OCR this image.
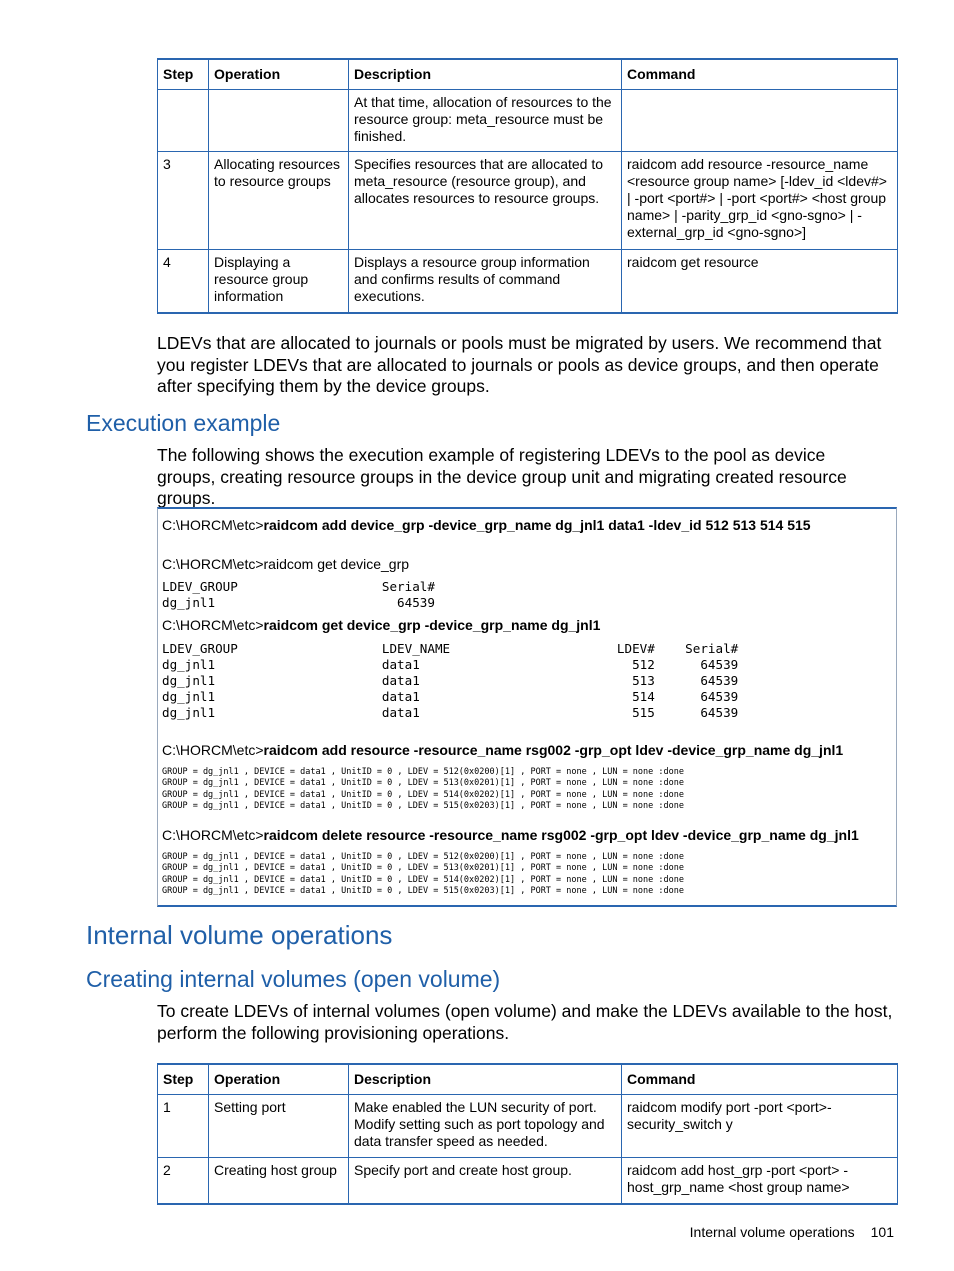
Step	Operation	Description	Command
		At that time, allocation of resources to the resource group: meta_resource must be finished.	
3	Allocating resources to resource groups	Specifies resources that are allocated to meta_resource (resource group), and allocates resources to resource groups.	raidcom add resource -resource_name <resource group name> [-ldev_id <ldev#> | -port <port#> | -port <port#> <host group name> | -parity_grp_id <gno-sgno> | -external_grp_id <gno-sgno>]
4	Displaying a resource group information	Displays a resource group information and confirms results of command executions.	raidcom get resource
LDEVs that are allocated to journals or pools must be migrated by users. We recommend that you register LDEVs that are allocated to journals or pools as device groups, and then operate after specifying them by the device groups.
Execution example
The following shows the execution example of registering LDEVs to the pool as device groups, creating resource groups in the device group unit and migrating created resource groups.
C:\HORCM\etc>raidcom add device_grp -device_grp_name dg_jnl1 data1 -ldev_id 512 513 514 515
C:\HORCM\etc>raidcom get device_grp
LDEV_GROUP                   Serial#
dg_jnl1                        64539
C:\HORCM\etc>raidcom get device_grp -device_grp_name dg_jnl1
LDEV_GROUP                   LDEV_NAME                      LDEV#    Serial#
dg_jnl1                      data1                            512      64539
dg_jnl1                      data1                            513      64539
dg_jnl1                      data1                            514      64539
dg_jnl1                      data1                            515      64539
C:\HORCM\etc>raidcom add resource -resource_name rsg002 -grp_opt ldev -device_grp_name dg_jnl1
GROUP = dg_jnl1 , DEVICE = data1 , UnitID = 0 , LDEV = 512(0x0200)[1] , PORT = none , LUN = none :done
GROUP = dg_jnl1 , DEVICE = data1 , UnitID = 0 , LDEV = 513(0x0201)[1] , PORT = none , LUN = none :done
GROUP = dg_jnl1 , DEVICE = data1 , UnitID = 0 , LDEV = 514(0x0202)[1] , PORT = none , LUN = none :done
GROUP = dg_jnl1 , DEVICE = data1 , UnitID = 0 , LDEV = 515(0x0203)[1] , PORT = none , LUN = none :done
C:\HORCM\etc>raidcom delete resource -resource_name rsg002 -grp_opt ldev -device_grp_name dg_jnl1
GROUP = dg_jnl1 , DEVICE = data1 , UnitID = 0 , LDEV = 512(0x0200)[1] , PORT = none , LUN = none :done
GROUP = dg_jnl1 , DEVICE = data1 , UnitID = 0 , LDEV = 513(0x0201)[1] , PORT = none , LUN = none :done
GROUP = dg_jnl1 , DEVICE = data1 , UnitID = 0 , LDEV = 514(0x0202)[1] , PORT = none , LUN = none :done
GROUP = dg_jnl1 , DEVICE = data1 , UnitID = 0 , LDEV = 515(0x0203)[1] , PORT = none , LUN = none :done
Internal volume operations
Creating internal volumes (open volume)
To create LDEVs of internal volumes (open volume) and make the LDEVs available to the host, perform the following provisioning operations.
Step	Operation	Description	Command
1	Setting port	Make enabled the LUN security of port. Modify setting such as port topology and data transfer speed as needed.	raidcom modify port -port <port>-security_switch y
2	Creating host group	Specify port and create host group.	raidcom add host_grp -port <port> -host_grp_name <host group name>
Internal volume operations 101
